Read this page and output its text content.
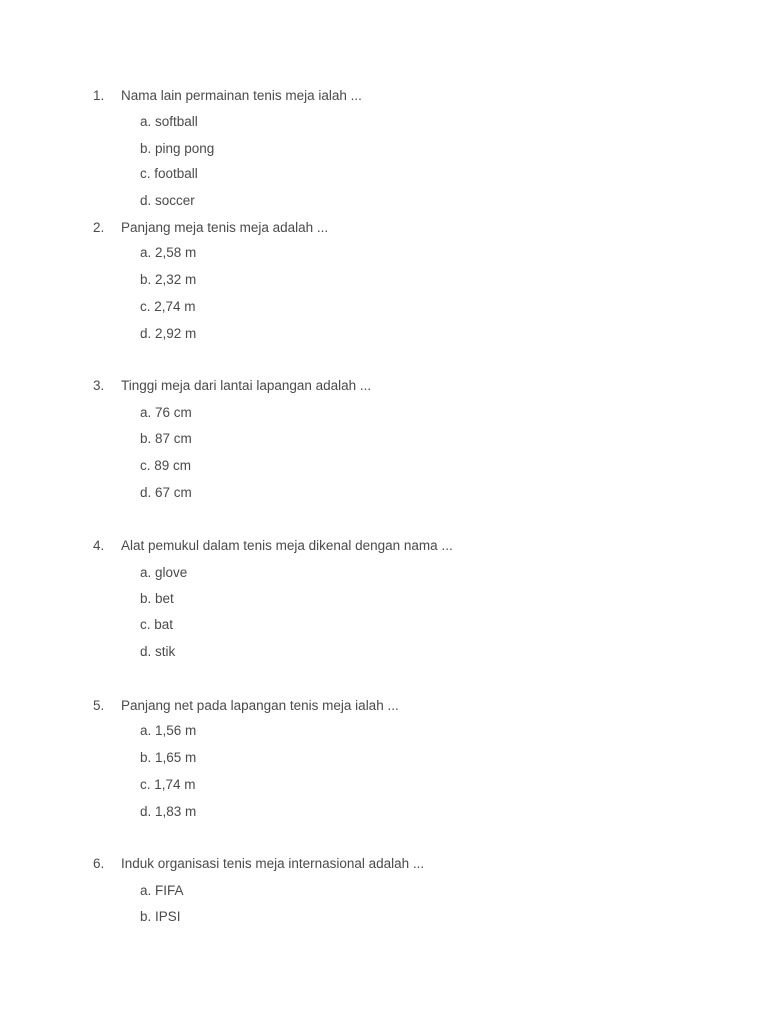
1. Nama lain permainan tenis meja ialah ...
a. softball
b. ping pong
c. football
d. soccer
2. Panjang meja tenis meja adalah ...
a. 2,58 m
b. 2,32 m
c. 2,74 m
d. 2,92 m
3. Tinggi meja dari lantai lapangan adalah ...
a. 76 cm
b. 87 cm
c. 89 cm
d. 67 cm
4. Alat pemukul dalam tenis meja dikenal dengan nama ...
a. glove
b. bet
c. bat
d. stik
5. Panjang net pada lapangan tenis meja ialah ...
a. 1,56 m
b. 1,65 m
c. 1,74 m
d. 1,83 m
6. Induk organisasi tenis meja internasional adalah ...
a. FIFA
b. IPSI
